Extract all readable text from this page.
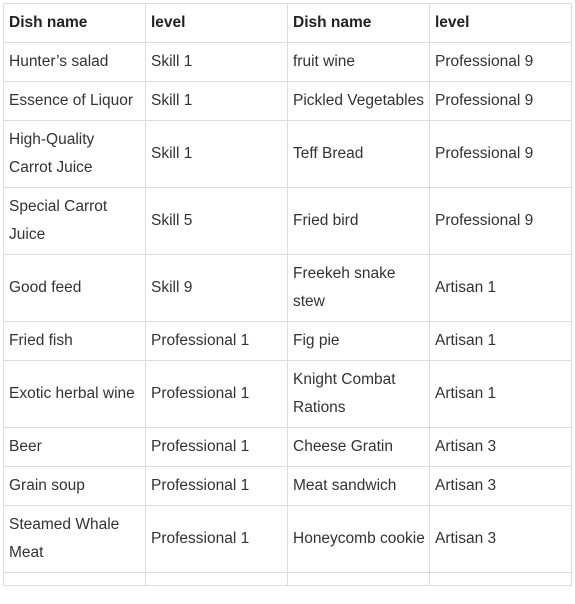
Dish name	level	Dish name	level
Hunter’s salad	Skill 1	fruit wine	Professional 9
Essence of Liquor	Skill 1	Pickled Vegetables	Professional 9
High-Quality Carrot Juice	Skill 1	Teff Bread	Professional 9
Special Carrot Juice	Skill 5	Fried bird	Professional 9
Good feed	Skill 9	Freekeh snake stew	Artisan 1
Fried fish	Professional 1	Fig pie	Artisan 1
Exotic herbal wine	Professional 1	Knight Combat Rations	Artisan 1
Beer	Professional 1	Cheese Gratin	Artisan 3
Grain soup	Professional 1	Meat sandwich	Artisan 3
Steamed Whale Meat	Professional 1	Honeycomb cookie	Artisan 3
